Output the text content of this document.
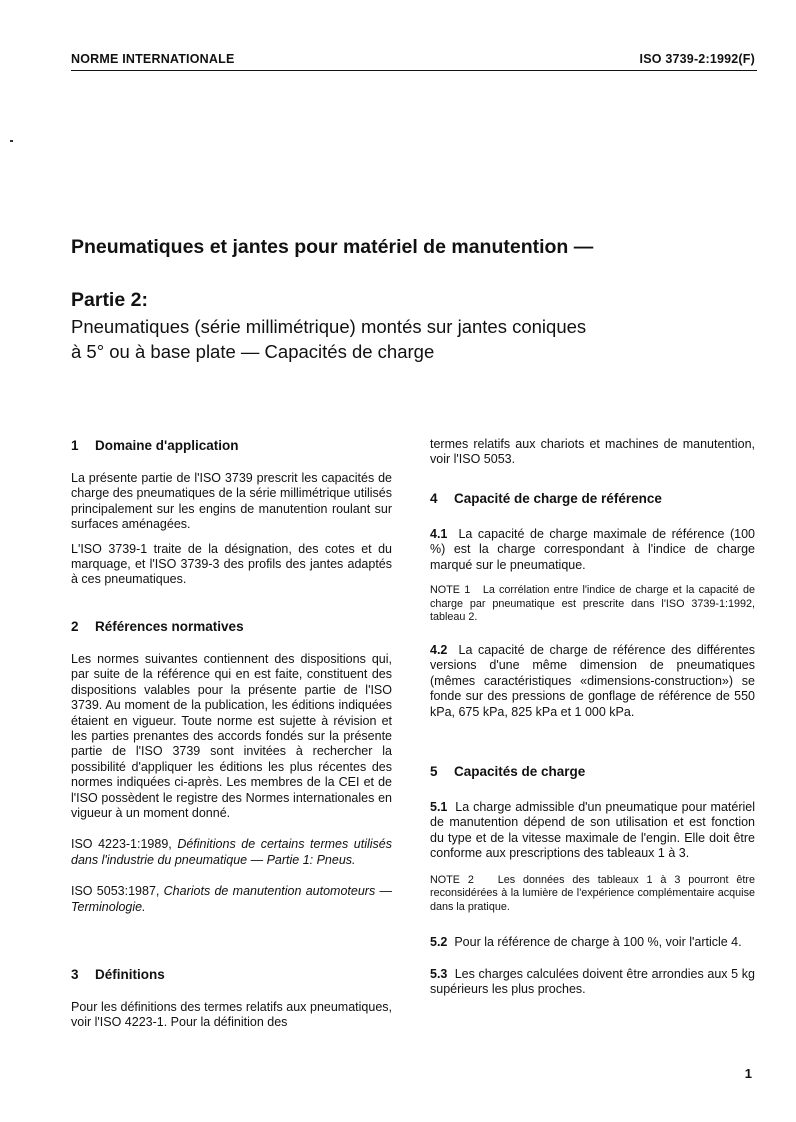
NORME INTERNATIONALE	ISO 3739-2:1992(F)
Pneumatiques et jantes pour matériel de manutention —
Partie 2:
Pneumatiques (série millimétrique) montés sur jantes coniques
à 5° ou à base plate — Capacités de charge
1 Domaine d'application

La présente partie de l'ISO 3739 prescrit les capacités de charge des pneumatiques de la série millimétrique utilisés principalement sur les engins de manutention roulant sur surfaces aménagées.

L'ISO 3739-1 traite de la désignation, des cotes et du marquage, et l'ISO 3739-3 des profils des jantes adaptés à ces pneumatiques.

2 Références normatives

Les normes suivantes contiennent des dispositions qui, par suite de la référence qui en est faite, constituent des dispositions valables pour la présente partie de l'ISO 3739. Au moment de la publication, les éditions indiquées étaient en vigueur. Toute norme est sujette à révision et les parties prenantes des accords fondés sur la présente partie de l'ISO 3739 sont invitées à rechercher la possibilité d'appliquer les éditions les plus récentes des normes indiquées ci-après. Les membres de la CEI et de l'ISO possèdent le registre des Normes internationales en vigueur à un moment donné.

ISO 4223-1:1989, Définitions de certains termes utilisés dans l'industrie du pneumatique — Partie 1: Pneus.

ISO 5053:1987, Chariots de manutention automoteurs — Terminologie.

3 Définitions

Pour les définitions des termes relatifs aux pneumatiques, voir l'ISO 4223-1. Pour la définition des

termes relatifs aux chariots et machines de manutention, voir l'ISO 5053.

4 Capacité de charge de référence

4.1 La capacité de charge maximale de référence (100 %) est la charge correspondant à l'indice de charge marqué sur le pneumatique.

NOTE 1 La corrélation entre l'indice de charge et la capacité de charge par pneumatique est prescrite dans l'ISO 3739-1:1992, tableau 2.

4.2 La capacité de charge de référence des différentes versions d'une même dimension de pneumatiques (mêmes caractéristiques «dimensions-construction») se fonde sur des pressions de gonflage de référence de 550 kPa, 675 kPa, 825 kPa et 1 000 kPa.

5 Capacités de charge

5.1 La charge admissible d'un pneumatique pour matériel de manutention dépend de son utilisation et est fonction du type et de la vitesse maximale de l'engin. Elle doit être conforme aux prescriptions des tableaux 1 à 3.

NOTE 2 Les données des tableaux 1 à 3 pourront être reconsidérées à la lumière de l'expérience complémentaire acquise dans la pratique.

5.2 Pour la référence de charge à 100 %, voir l'article 4.

5.3 Les charges calculées doivent être arrondies aux 5 kg supérieurs les plus proches.

1
